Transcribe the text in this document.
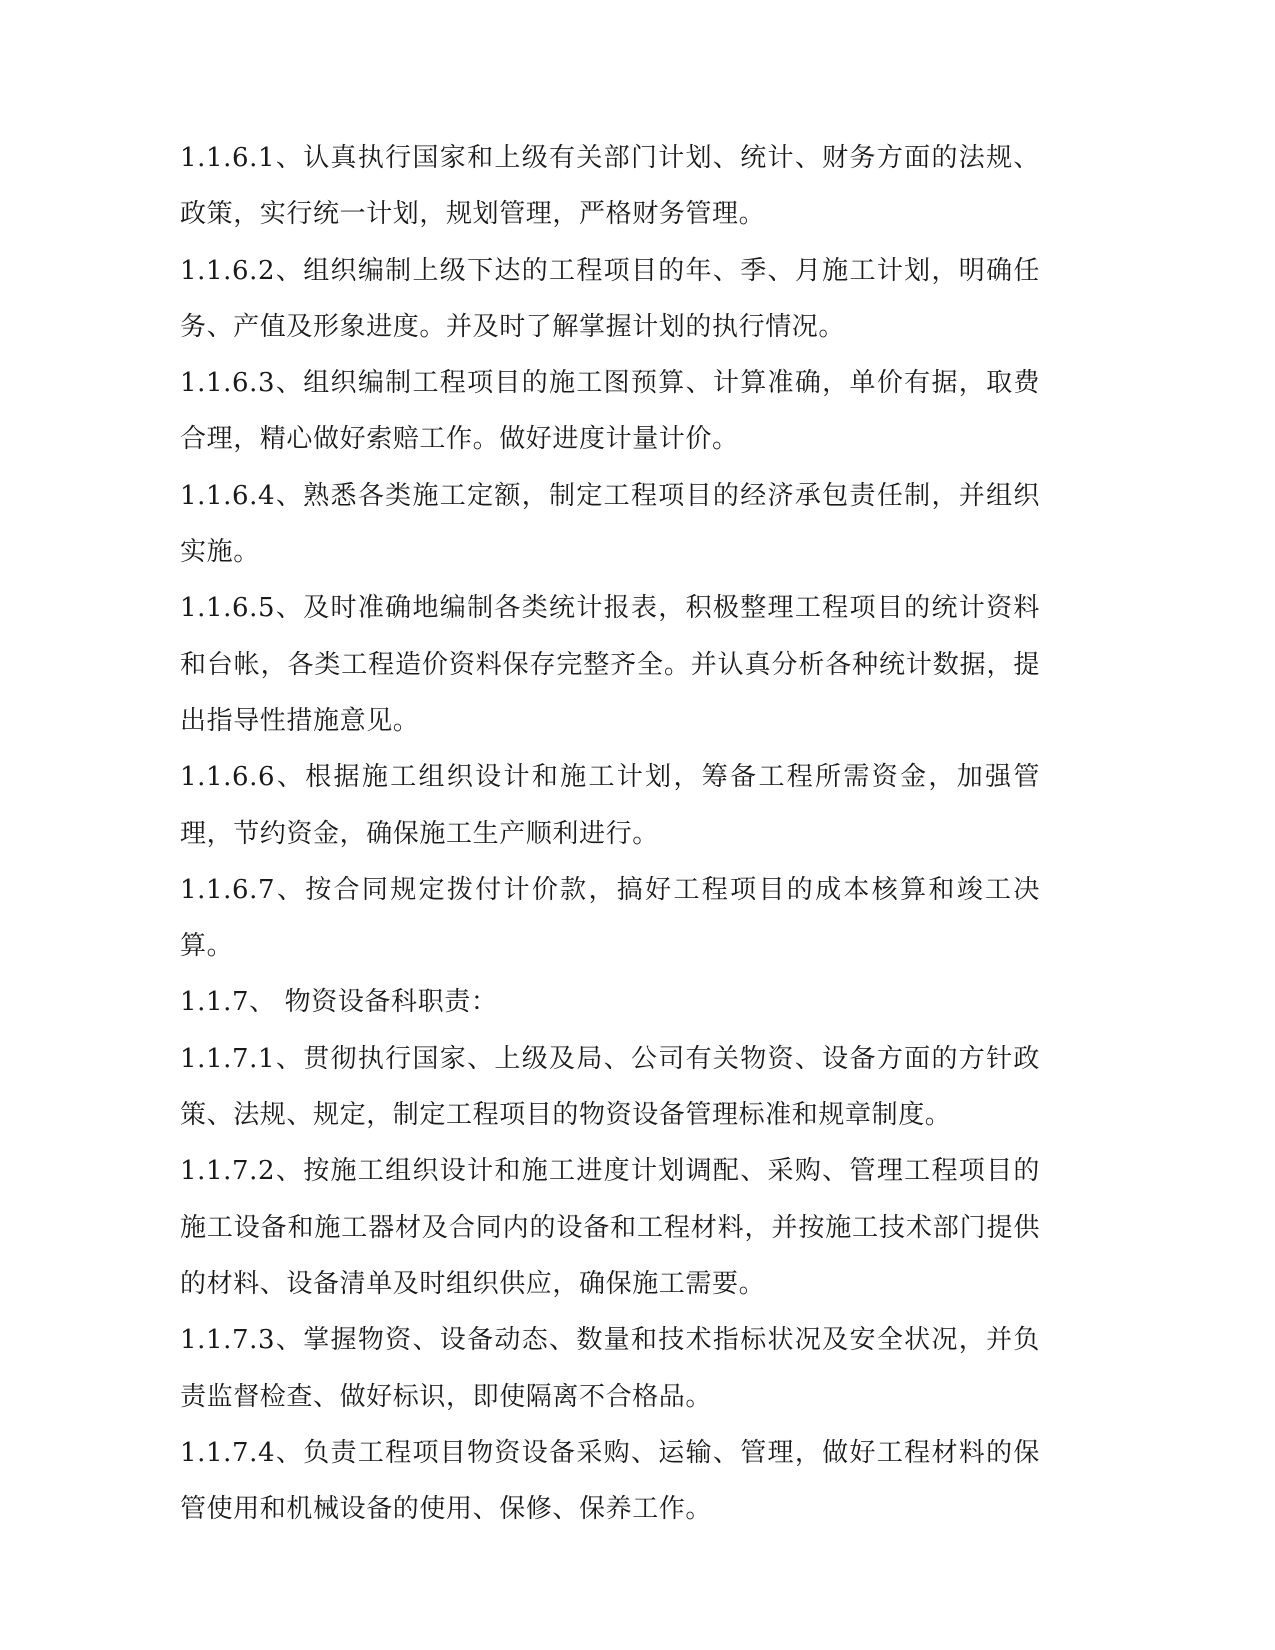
1.1.6.1、认真执行国家和上级有关部门计划、统计、财务方面的法规、政策，实行统一计划，规划管理，严格财务管理。

1.1.6.2、组织编制上级下达的工程项目的年、季、月施工计划，明确任务、产值及形象进度。并及时了解掌握计划的执行情况。

1.1.6.3、组织编制工程项目的施工图预算、计算准确，单价有据，取费合理，精心做好索赔工作。做好进度计量计价。

1.1.6.4、熟悉各类施工定额，制定工程项目的经济承包责任制，并组织实施。

1.1.6.5、及时准确地编制各类统计报表，积极整理工程项目的统计资料和台帐，各类工程造价资料保存完整齐全。并认真分析各种统计数据，提出指导性措施意见。

1.1.6.6、根据施工组织设计和施工计划，筹备工程所需资金，加强管理，节约资金，确保施工生产顺利进行。

1.1.6.7、按合同规定拨付计价款，搞好工程项目的成本核算和竣工决算。

1.1.7、 物资设备科职责：

1.1.7.1、贯彻执行国家、上级及局、公司有关物资、设备方面的方针政策、法规、规定，制定工程项目的物资设备管理标准和规章制度。

1.1.7.2、按施工组织设计和施工进度计划调配、采购、管理工程项目的施工设备和施工器材及合同内的设备和工程材料，并按施工技术部门提供的材料、设备清单及时组织供应，确保施工需要。

1.1.7.3、掌握物资、设备动态、数量和技术指标状况及安全状况，并负责监督检查、做好标识，即使隔离不合格品。

1.1.7.4、负责工程项目物资设备采购、运输、管理，做好工程材料的保管使用和机械设备的使用、保修、保养工作。
